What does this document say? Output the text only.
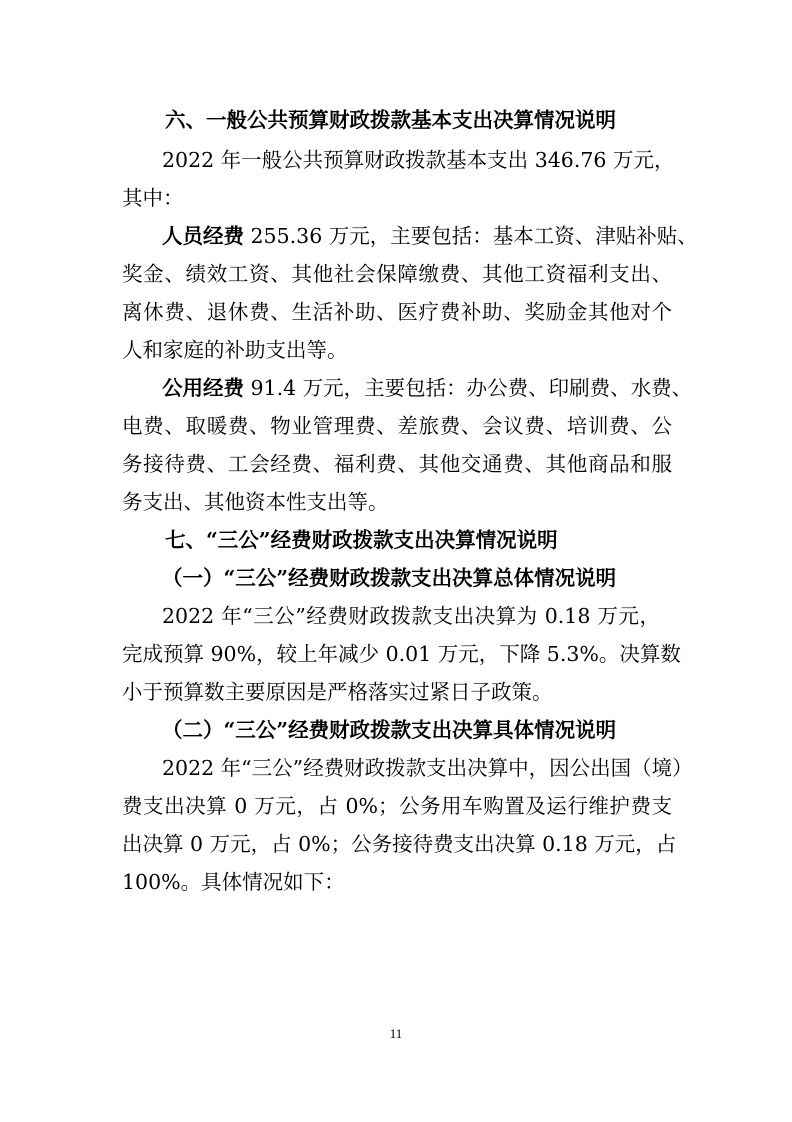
六、一般公共预算财政拨款基本支出决算情况说明
2022 年一般公共预算财政拨款基本支出 346.76 万元，
其中：
人员经费 255.36 万元，主要包括：基本工资、津贴补贴、
奖金、绩效工资、其他社会保障缴费、其他工资福利支出、
离休费、退休费、生活补助、医疗费补助、奖励金其他对个
人和家庭的补助支出等。
公用经费 91.4 万元，主要包括：办公费、印刷费、水费、
电费、取暖费、物业管理费、差旅费、会议费、培训费、公
务接待费、工会经费、福利费、其他交通费、其他商品和服
务支出、其他资本性支出等。
七、“三公”经费财政拨款支出决算情况说明
（一）“三公”经费财政拨款支出决算总体情况说明
2022 年“三公”经费财政拨款支出决算为 0.18 万元，
完成预算 90%，较上年减少 0.01 万元，下降 5.3%。决算数
小于预算数主要原因是严格落实过紧日子政策。
（二）“三公”经费财政拨款支出决算具体情况说明
2022 年“三公”经费财政拨款支出决算中，因公出国（境）
费支出决算 0 万元，占 0%；公务用车购置及运行维护费支
出决算 0 万元，占 0%；公务接待费支出决算 0.18 万元，占
100%。具体情况如下：
11
